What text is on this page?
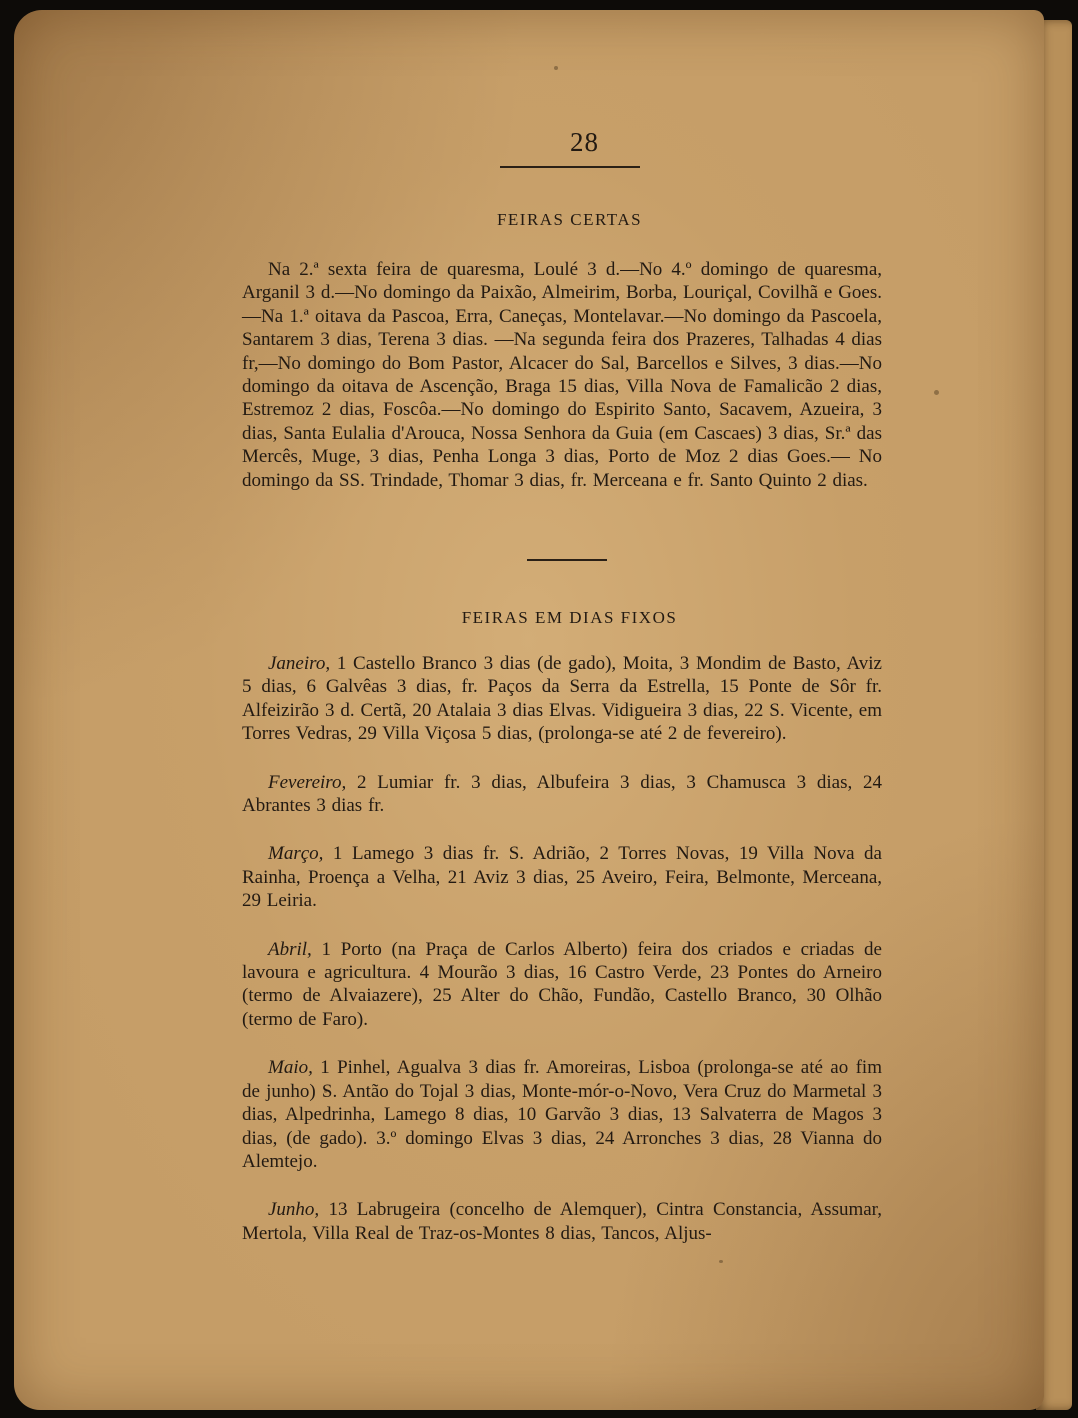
28
FEIRAS CERTAS

Na 2.ª sexta feira de quaresma, Loulé 3 d.—No 4.º domingo de quaresma, Arganil 3 d.—No domingo da Paixão, Almeirim, Borba, Louriçal, Covilhã e Goes.—Na 1.ª oitava da Pascoa, Erra, Caneças, Montelavar.—No domingo da Pascoela, Santarem 3 dias, Terena 3 dias. —Na segunda feira dos Prazeres, Talhadas 4 dias fr,—No domingo do Bom Pastor, Alcacer do Sal, Barcellos e Silves, 3 dias.—No domingo da oitava de Ascenção, Braga 15 dias, Villa Nova de Famalicão 2 dias, Estremoz 2 dias, Foscôa.—No domingo do Espirito Santo, Sacavem, Azueira, 3 dias, Santa Eulalia d'Arouca, Nossa Senhora da Guia (em Cascaes) 3 dias, Sr.ª das Mercês, Muge, 3 dias, Penha Longa 3 dias, Porto de Moz 2 dias Goes.— No domingo da SS. Trindade, Thomar 3 dias, fr. Merceana e fr. Santo Quinto 2 dias.

FEIRAS EM DIAS FIXOS

Janeiro, 1 Castello Branco 3 dias (de gado), Moita, 3 Mondim de Basto, Aviz 5 dias, 6 Galvêas 3 dias, fr. Paços da Serra da Estrella, 15 Ponte de Sôr fr. Alfeizirão 3 d. Certã, 20 Atalaia 3 dias Elvas. Vidigueira 3 dias, 22 S. Vicente, em Torres Vedras, 29 Villa Viçosa 5 dias, (prolonga-se até 2 de fevereiro).

Fevereiro, 2 Lumiar fr. 3 dias, Albufeira 3 dias, 3 Chamusca 3 dias, 24 Abrantes 3 dias fr.

Março, 1 Lamego 3 dias fr. S. Adrião, 2 Torres Novas, 19 Villa Nova da Rainha, Proença a Velha, 21 Aviz 3 dias, 25 Aveiro, Feira, Belmonte, Merceana, 29 Leiria.

Abril, 1 Porto (na Praça de Carlos Alberto) feira dos criados e criadas de lavoura e agricultura. 4 Mourão 3 dias, 16 Castro Verde, 23 Pontes do Arneiro (termo de Alvaiazere), 25 Alter do Chão, Fundão, Castello Branco, 30 Olhão (termo de Faro).

Maio, 1 Pinhel, Agualva 3 dias fr. Amoreiras, Lisboa (prolonga-se até ao fim de junho) S. Antão do Tojal 3 dias, Monte-mór-o-Novo, Vera Cruz do Marmetal 3 dias, Alpedrinha, Lamego 8 dias, 10 Garvão 3 dias, 13 Salvaterra de Magos 3 dias, (de gado). 3.º domingo Elvas 3 dias, 24 Arronches 3 dias, 28 Vianna do Alemtejo.

Junho, 13 Labrugeira (concelho de Alemquer), Cintra Constancia, Assumar, Mertola, Villa Real de Traz-os-Montes 8 dias, Tancos, Aljus-
